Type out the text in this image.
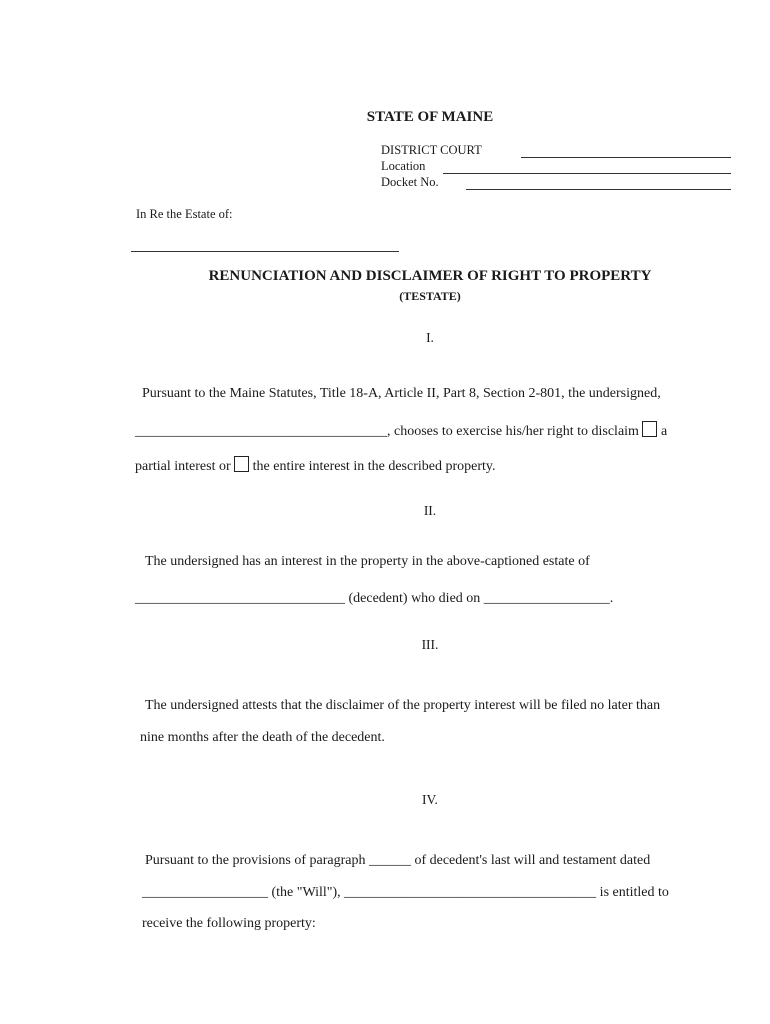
STATE OF MAINE
DISTRICT COURT
Location
Docket No.
In Re the Estate of:
RENUNCIATION AND DISCLAIMER OF RIGHT TO PROPERTY
(TESTATE)
I.
Pursuant to the Maine Statutes, Title 18-A, Article II, Part 8, Section 2-801, the undersigned,
____________________________________, chooses to exercise his/her right to disclaim a
partial interest or the entire interest in the described property.
II.
The undersigned has an interest in the property in the above-captioned estate of
______________________________ (decedent) who died on __________________.
III.
The undersigned attests that the disclaimer of the property interest will be filed no later than
nine months after the death of the decedent.
IV.
Pursuant to the provisions of paragraph ______ of decedent's last will and testament dated
__________________ (the "Will"), ____________________________________ is entitled to
receive the following property:
